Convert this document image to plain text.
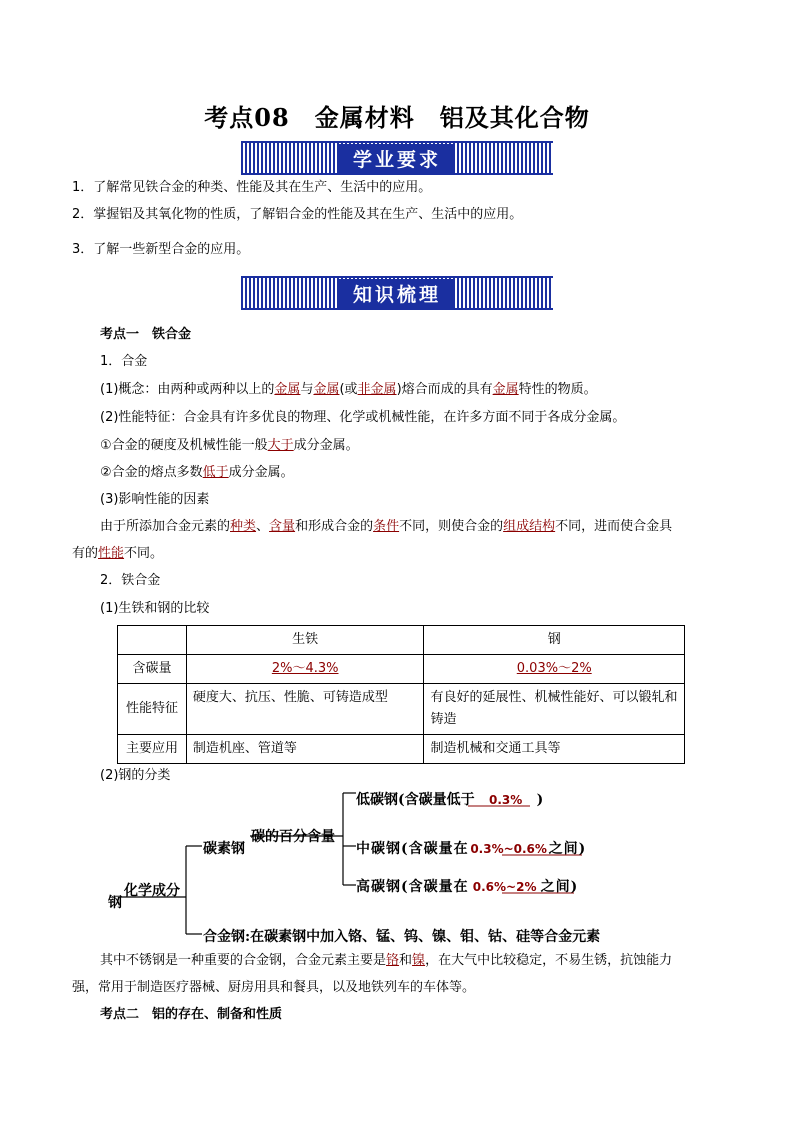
考点08　金属材料　铝及其化合物
学业要求
1．了解常见铁合金的种类、性能及其在生产、生活中的应用。
2．掌握铝及其氧化物的性质，了解铝合金的性能及其在生产、生活中的应用。
3．了解一些新型合金的应用。
知识梳理
考点一　铁合金
1．合金
(1)概念：由两种或两种以上的金属与金属(或非金属)熔合而成的具有金属特性的物质。
(2)性能特征：合金具有许多优良的物理、化学或机械性能，在许多方面不同于各成分金属。
①合金的硬度及机械性能一般大于成分金属。
②合金的熔点多数低于成分金属。
(3)影响性能的因素
由于所添加合金元素的种类、含量和形成合金的条件不同，则使合金的组成结构不同，进而使合金具
有的性能不同。
2．铁合金
(1)生铁和钢的比较
	生铁	钢
含碳量	2%～4.3%	0.03%～2%
性能特征	硬度大、抗压、性脆、可铸造成型	有良好的延展性、机械性能好、可以锻轧和铸造
主要应用	制造机座、管道等	制造机械和交通工具等
(2)钢的分类
钢
化学成分
碳素钢
碳的百分含量
低碳钢(含碳量低于 0.3% )
中碳钢(含碳量在 0.3%~0.6% 之间)
高碳钢(含碳量在 0.6%~2% 之间)
合金钢:在碳素钢中加入铬、锰、钨、镍、钼、钴、硅等合金元素
其中不锈钢是一种重要的合金钢，合金元素主要是铬和镍，在大气中比较稳定，不易生锈，抗蚀能力
强，常用于制造医疗器械、厨房用具和餐具，以及地铁列车的车体等。
考点二　铝的存在、制备和性质
